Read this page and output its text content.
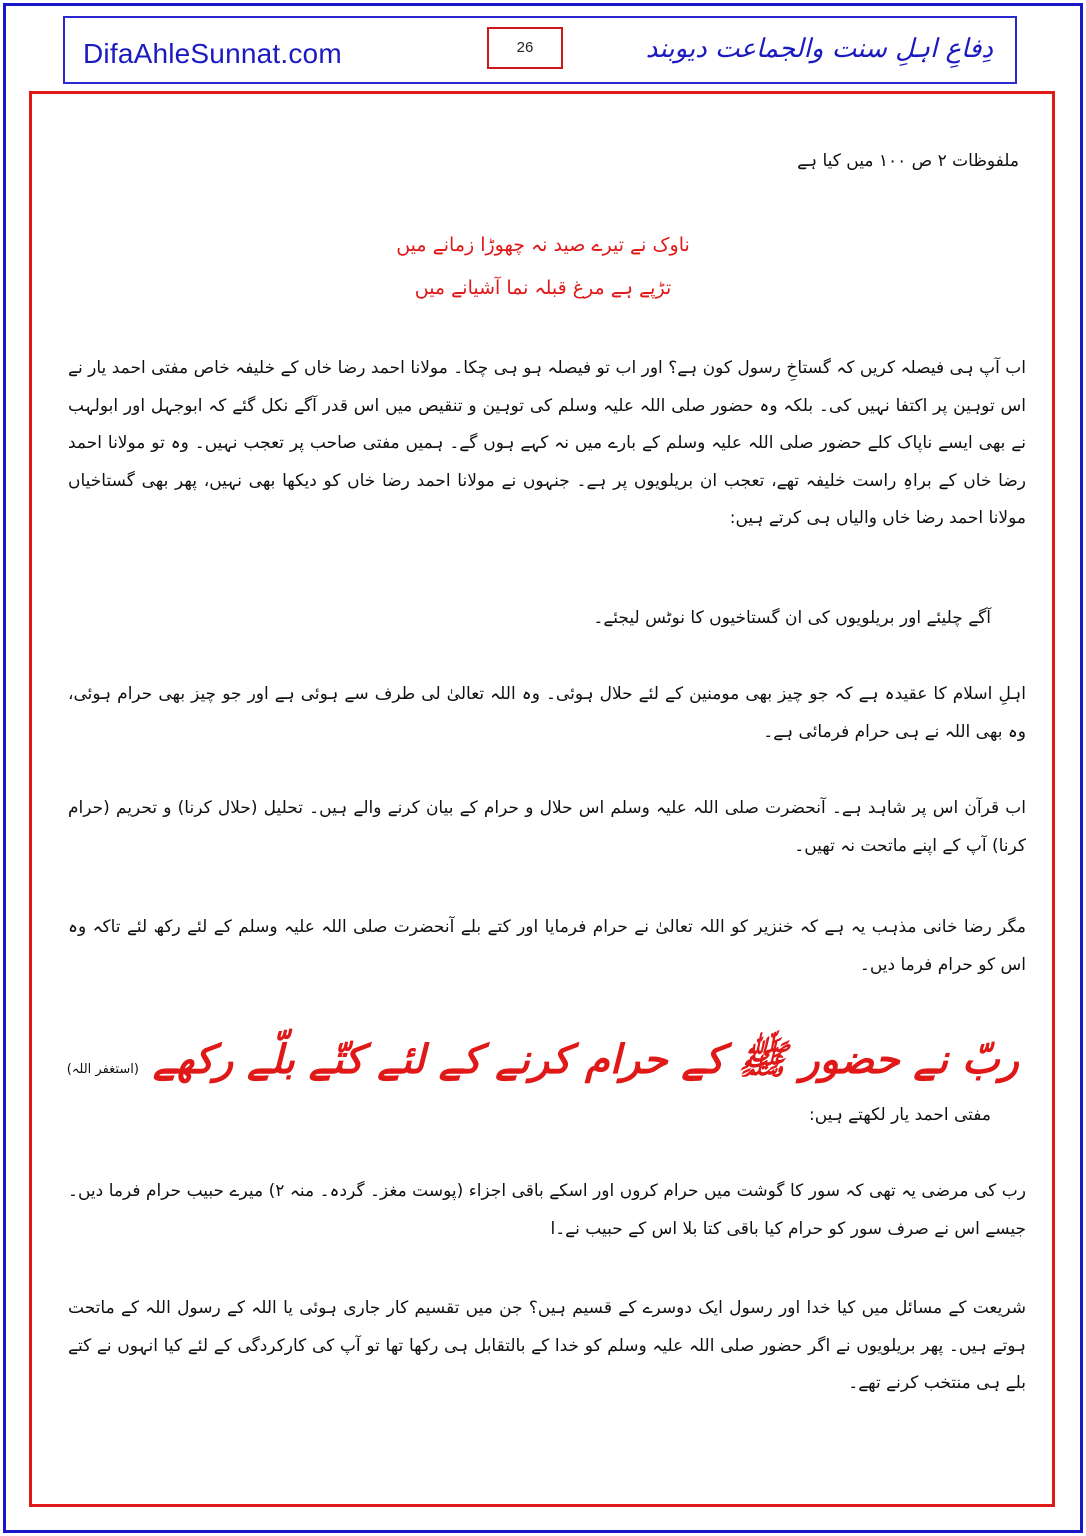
DifaAhleSunnat.com	26	دِفاعِ اہلِ سنت والجماعت دیوبند

ملفوظات ۲ ص ۱۰۰ میں کیا ہے

ناوک نے تیرے صید نہ چھوڑا زمانے میں

تڑپے ہے مرغ قبلہ نما آشیانے میں

اب آپ ہی فیصلہ کریں کہ گستاخِ رسول کون ہے؟ اور اب تو فیصلہ ہو ہی چکا۔ مولانا احمد رضا خاں کے خلیفہ خاص مفتی احمد یار نے اس توہین پر اکتفا نہیں کی۔ بلکہ وہ حضور صلی اللہ علیہ وسلم کی توہین و تنقیص میں اس قدر آگے نکل گئے کہ ابوجہل اور ابولہب نے بھی ایسے ناپاک کلے حضور صلی اللہ علیہ وسلم کے بارے میں نہ کہے ہوں گے۔ ہمیں مفتی صاحب پر تعجب نہیں۔ وہ تو مولانا احمد رضا خاں کے براہِ راست خلیفہ تھے، تعجب ان بریلویوں پر ہے۔ جنہوں نے مولانا احمد رضا خاں کو دیکھا بھی نہیں، پھر بھی گستاخیاں مولانا احمد رضا خاں والیاں ہی کرتے ہیں:

آگے چلیئے اور بریلویوں کی ان گستاخیوں کا نوٹس لیجئے۔

اہلِ اسلام کا عقیدہ ہے کہ جو چیز بھی مومنین کے لئے حلال ہوئی۔ وہ اللہ تعالیٰ لی طرف سے ہوئی ہے اور جو چیز بھی حرام ہوئی، وہ بھی اللہ نے ہی حرام فرمائی ہے۔

اب قرآن اس پر شاہد ہے۔ آنحضرت صلی اللہ علیہ وسلم اس حلال و حرام کے بیان کرنے والے ہیں۔ تحلیل (حلال کرنا) و تحریم (حرام کرنا) آپ کے اپنے ماتحت نہ تھیں۔

مگر رضا خانی مذہب یہ ہے کہ خنزیر کو اللہ تعالیٰ نے حرام فرمایا اور کتے بلے آنحضرت صلی اللہ علیہ وسلم کے لئے رکھ لئے تاکہ وہ اس کو حرام فرما دیں۔

ربّ نے حضور ﷺ کے حرام کرنے کے لئے کتّے بلّے رکھے(استغفر اللہ)

مفتی احمد یار لکھتے ہیں:

رب کی مرضی یہ تھی کہ سور کا گوشت میں حرام کروں اور اسکے باقی اجزاء (پوست مغز۔ گردہ۔ منہ ۲) میرے حبیب حرام فرما دیں۔ جیسے اس نے صرف سور کو حرام کیا باقی کتا بلا اس کے حبیب نے۔ا

شریعت کے مسائل میں کیا خدا اور رسول ایک دوسرے کے قسیم ہیں؟ جن میں تقسیم کار جاری ہوئی یا اللہ کے رسول اللہ کے ماتحت ہوتے ہیں۔ پھر بریلویوں نے اگر حضور صلی اللہ علیہ وسلم کو خدا کے بالتقابل ہی رکھا تھا تو آپ کی کارکردگی کے لئے کیا انہوں نے کتے بلے ہی منتخب کرنے تھے۔
